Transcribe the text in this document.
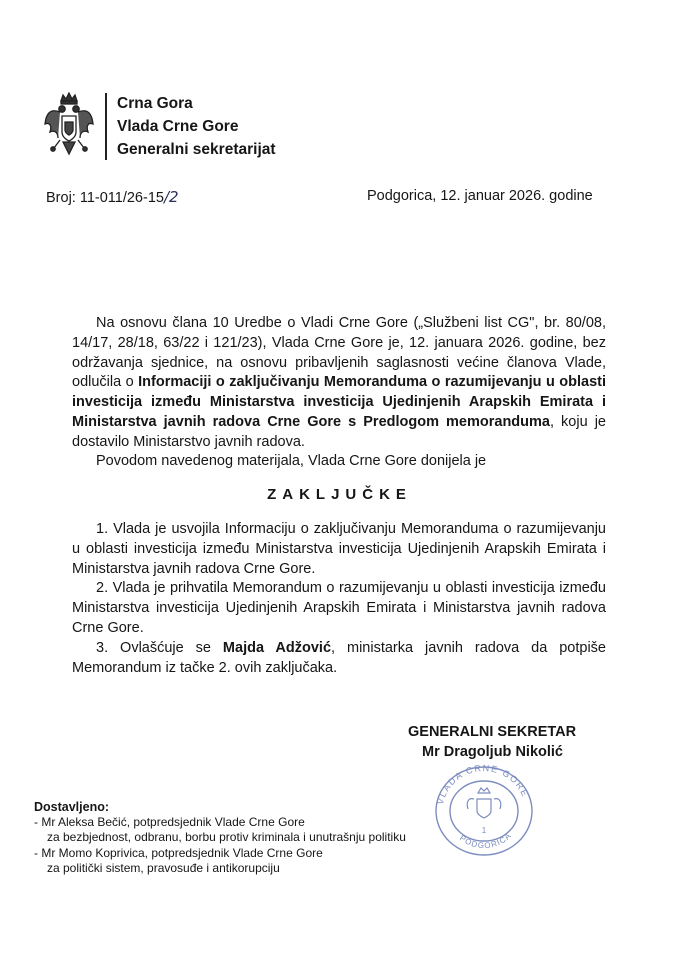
Crna Gora
Vlada Crne Gore
Generalni sekretarijat
Broj: 11-011/26-15/2	Podgorica, 12. januar 2026. godine
Na osnovu člana 10 Uredbe o Vladi Crne Gore („Službeni list CG", br. 80/08, 14/17, 28/18, 63/22 i 121/23), Vlada Crne Gore je, 12. januara 2026. godine, bez održavanja sjednice, na osnovu pribavljenih saglasnosti većine članova Vlade, odlučila o Informaciji o zaključivanju Memoranduma o razumijevanju u oblasti investicija između Ministarstva investicija Ujedinjenih Arapskih Emirata i Ministarstva javnih radova Crne Gore s Predlogom memoranduma, koju je dostavilo Ministarstvo javnih radova.
Povodom navedenog materijala, Vlada Crne Gore donijela je
ZAKLJUČKE
1. Vlada je usvojila Informaciju o zaključivanju Memoranduma o razumijevanju u oblasti investicija između Ministarstva investicija Ujedinjenih Arapskih Emirata i Ministarstva javnih radova Crne Gore.
2. Vlada je prihvatila Memorandum o razumijevanju u oblasti investicija između Ministarstva investicija Ujedinjenih Arapskih Emirata i Ministarstva javnih radova Crne Gore.
3. Ovlašćuje se Majda Adžović, ministarka javnih radova da potpiše Memorandum iz tačke 2. ovih zaključaka.
GENERALNI SEKRETAR
Mr Dragoljub Nikolić
VLADA CRNE GORE
PODGORICA
1
Dostavljeno:
- Mr Aleksa Bečić, potpredsjednik Vlade Crne Gore
za bezbjednost, odbranu, borbu protiv kriminala i unutrašnju politiku
- Mr Momo Koprivica, potpredsjednik Vlade Crne Gore
za politički sistem, pravosuđe i antikorupciju
